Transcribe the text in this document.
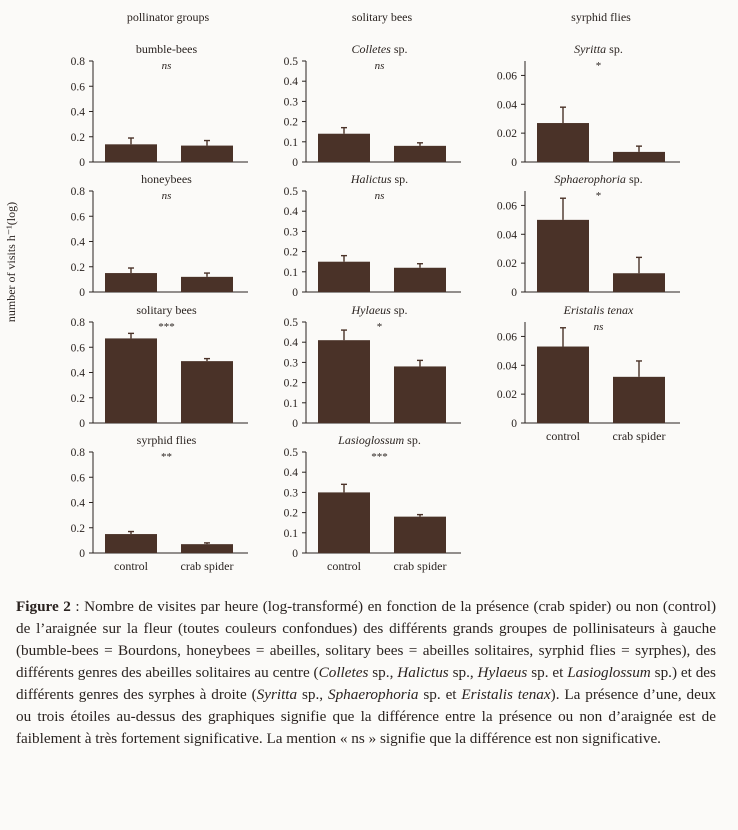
pollinator groups	solitary bees	syrphid flies
number of visits h⁻¹(log)
0
0.2
0.4
0.6
0.8
bumble-bees
ns
0
0.2
0.4
0.6
0.8
honeybees
ns
0
0.2
0.4
0.6
0.8
solitary bees
***
0
0.2
0.4
0.6
0.8
syrphid flies
**
control	crab spider
0
0.1
0.2
0.3
0.4
0.5
Colletes sp.
ns
0
0.1
0.2
0.3
0.4
0.5
Halictus sp.
ns
0
0.1
0.2
0.3
0.4
0.5
Hylaeus sp.
*
0
0.1
0.2
0.3
0.4
0.5
Lasioglossum sp.
***
control	crab spider
0
0.02
0.04
0.06
Syritta sp.
*
0
0.02
0.04
0.06
Sphaerophoria sp.
*
0
0.02
0.04
0.06
Eristalis tenax
ns
control	crab spider
Figure 2 : Nombre de visites par heure (log-transformé) en fonction de la présence (crab spider) ou non (control) de l’araignée sur la fleur (toutes couleurs confondues) des différents grands groupes de pollinisateurs à gauche (bumble-bees = Bourdons, honeybees = abeilles, solitary bees = abeilles solitaires, syrphid flies = syrphes), des différents genres des abeilles solitaires au centre (Colletes sp., Halictus sp., Hylaeus sp. et Lasioglossum sp.) et des différents genres des syrphes à droite (Syritta sp., Sphaerophoria sp. et Eristalis tenax). La présence d’une, deux ou trois étoiles au-dessus des graphiques signifie que la différence entre la présence ou non d’araignée est de faiblement à très fortement significative. La mention « ns » signifie que la différence est non significative.
